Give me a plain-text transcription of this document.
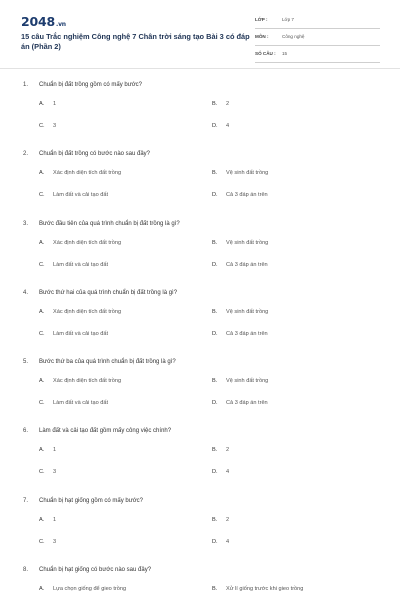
2048.vn
15 câu Trắc nghiệm Công nghệ 7 Chân trời sáng tạo Bài 3 có đáp án (Phần 2)
LỚP :	Lớp 7
MÔN :	Công nghệ
SỐ CÂU : 15
1. Chuẩn bị đất trồng gồm có mấy bước?
A. 1	B. 2
C. 3	D. 4
2. Chuẩn bị đất trồng có bước nào sau đây?
A. Xác định diện tích đất trồng	B. Vệ sinh đất trồng
C. Làm đất và cải tạo đất	D. Cả 3 đáp án trên
3. Bước đầu tiên của quá trình chuẩn bị đất trồng là gì?
A. Xác định diện tích đất trồng	B. Vệ sinh đất trồng
C. Làm đất và cải tạo đất	D. Cả 3 đáp án trên
4. Bước thứ hai của quá trình chuẩn bị đất trồng là gì?
A. Xác định diện tích đất trồng	B. Vệ sinh đất trồng
C. Làm đất và cải tạo đất	D. Cả 3 đáp án trên
5. Bước thứ ba của quá trình chuẩn bị đất trồng là gì?
A. Xác định diện tích đất trồng	B. Vệ sinh đất trồng
C. Làm đất và cải tạo đất	D. Cả 3 đáp án trên
6. Làm đất và cải tạo đất gồm mấy công việc chính?
A. 1	B. 2
C. 3	D. 4
7. Chuẩn bị hạt giống gồm có mấy bước?
A. 1	B. 2
C. 3	D. 4
8. Chuẩn bị hạt giống có bước nào sau đây?
A. Lựa chọn giống để gieo trồng	B. Xử lí giống trước khi gieo trồng
